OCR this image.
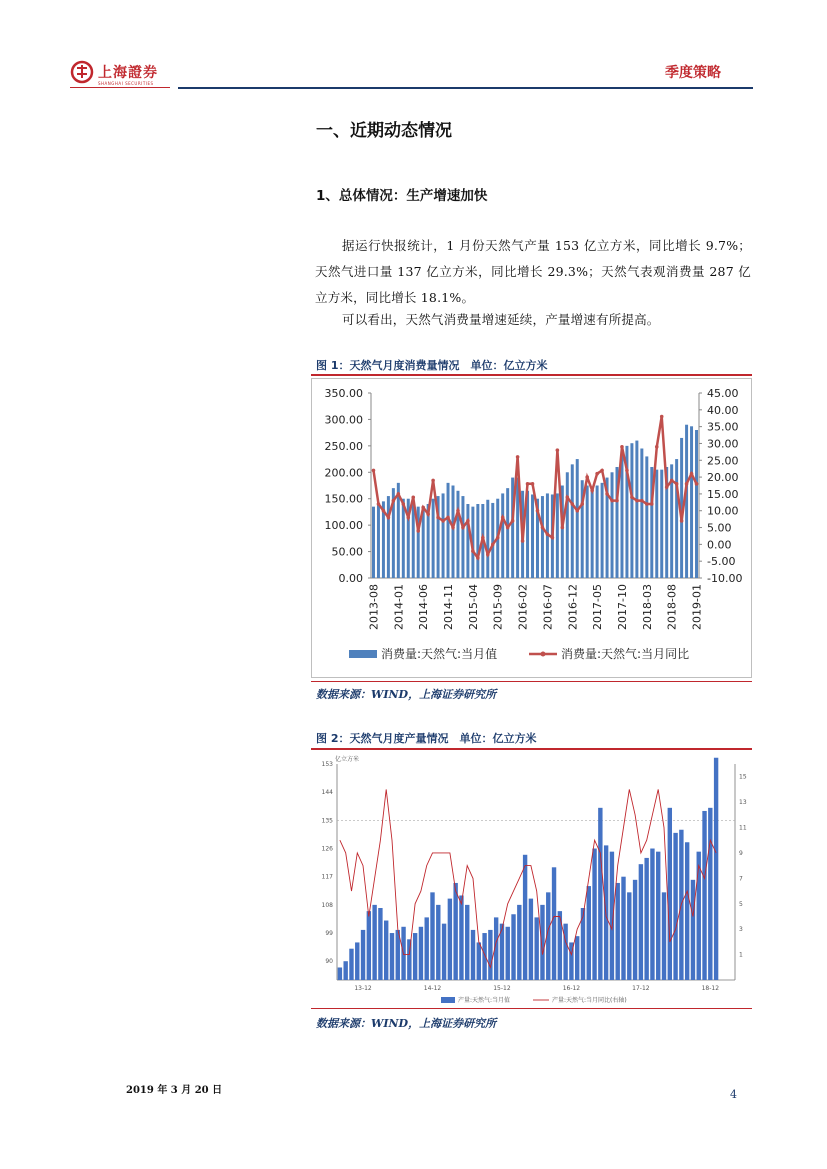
上海證券
SHANGHAI SECURITIES
季度策略
一、近期动态情况
1、总体情况：生产增速加快
据运行快报统计，1 月份天然气产量 153 亿立方米，同比增长 9.7%；天然气进口量 137 亿立方米，同比增长 29.3%；天然气表观消费量 287 亿立方米，同比增长 18.1%。
可以看出，天然气消费量增速延续，产量增速有所提高。
图 1：天然气月度消费量情况　单位：亿立方米
350.00
300.00
250.00
200.00
150.00
100.00
50.00
0.00
45.00
40.00
35.00
30.00
25.00
20.00
15.00
10.00
5.00
0.00
-5.00
-10.00
2013-08 2014-01 2014-06 2014-11 2015-04 2015-09 2016-02 2016-07 2016-12 2017-05 2017-10 2018-03 2018-08 2019-01
消费量:天然气:当月值	消费量:天然气:当月同比
数据来源：WIND，上海证券研究所
图 2：天然气月度产量情况　单位：亿立方米
亿立方米
153
144
135
126
117
108
99
90
15
13
11
9
7
5
3
1
13-12	14-12	15-12	16-12	17-12	18-12
产量:天然气:当月值	产量:天然气:当月同比(右轴)
数据来源：WIND，上海证券研究所
2019 年 3 月 20 日	4
